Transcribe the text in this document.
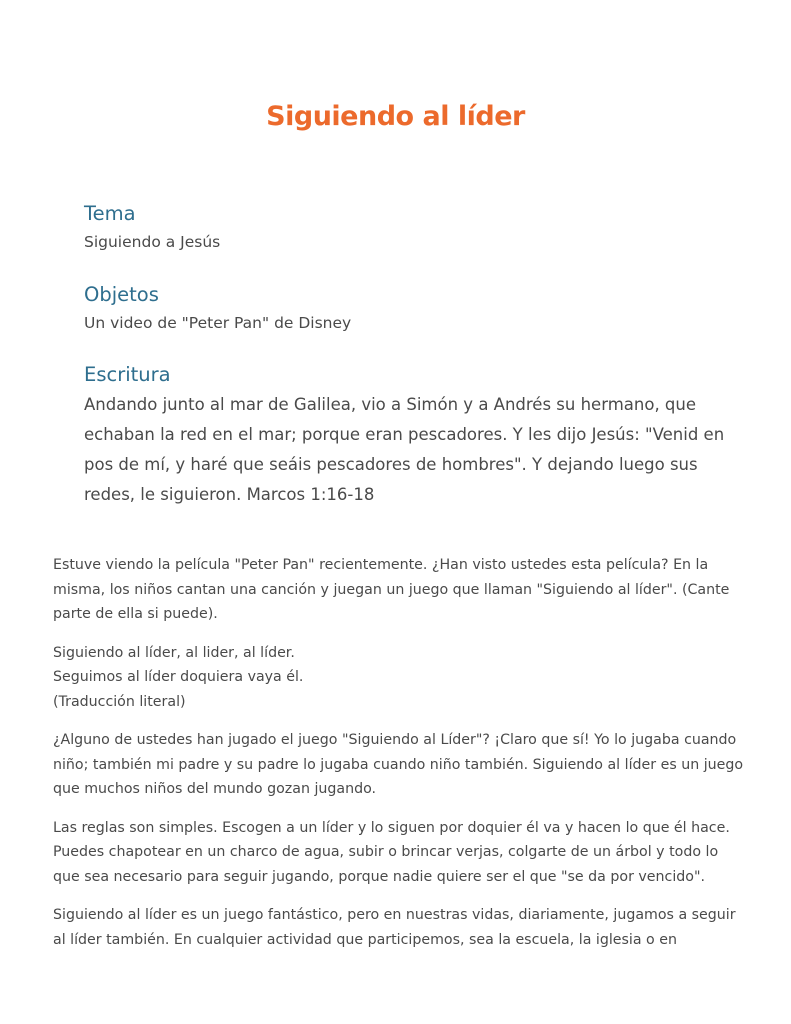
Siguiendo al líder
Tema

Siguiendo a Jesús

Objetos

Un video de "Peter Pan" de Disney

Escritura

Andando junto al mar de Galilea, vio a Simón y a Andrés su hermano, que echaban la red en el mar; porque eran pescadores. Y les dijo Jesús: "Venid en pos de mí, y haré que seáis pescadores de hombres". Y dejando luego sus redes, le siguieron. Marcos 1:16-18

Estuve viendo la película "Peter Pan" recientemente. ¿Han visto ustedes esta película? En la misma, los niños cantan una canción y juegan un juego que llaman "Siguiendo al líder". (Cante parte de ella si puede).

Siguiendo al líder, al lider, al líder.
Seguimos al líder doquiera vaya él.
(Traducción literal)

¿Alguno de ustedes han jugado el juego "Siguiendo al Líder"? ¡Claro que sí! Yo lo jugaba cuando niño; también mi padre y su padre lo jugaba cuando niño también. Siguiendo al líder es un juego que muchos niños del mundo gozan jugando.

Las reglas son simples. Escogen a un líder y lo siguen por doquier él va y hacen lo que él hace. Puedes chapotear en un charco de agua, subir o brincar verjas, colgarte de un árbol y todo lo que sea necesario para seguir jugando, porque nadie quiere ser el que "se da por vencido".

Siguiendo al líder es un juego fantástico, pero en nuestras vidas, diariamente, jugamos a seguir al líder también. En cualquier actividad que participemos, sea la escuela, la iglesia o en
